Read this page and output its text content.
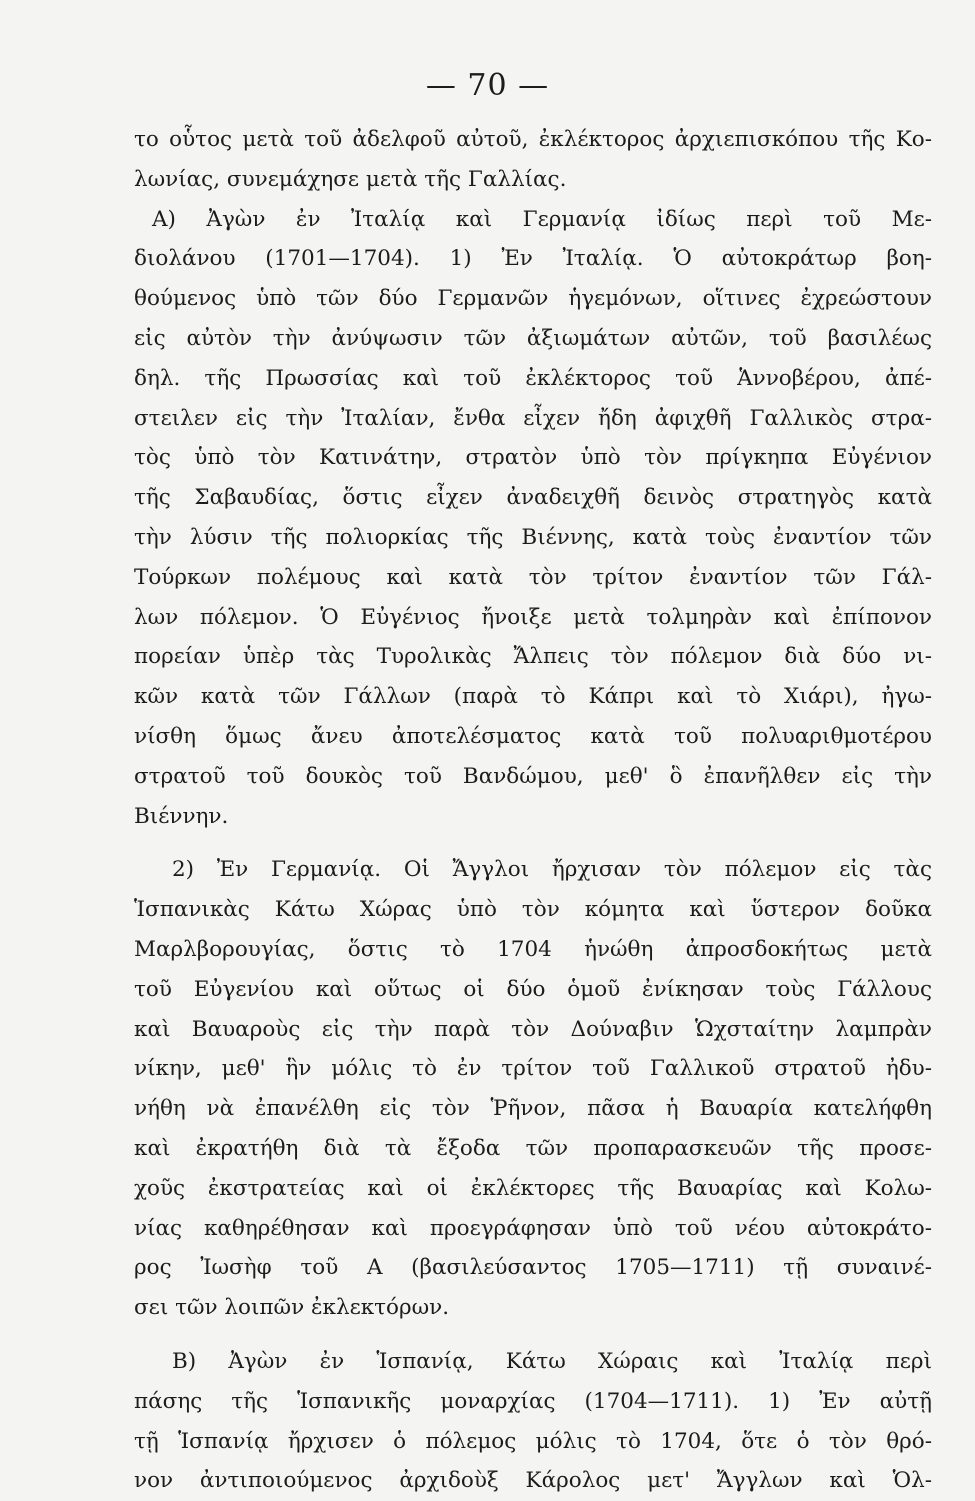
— 70 —
το οὗτος μετὰ τοῦ ἀδελφοῦ αὐτοῦ, ἐκλέκτορος ἀρχιεπισκόπου τῆς Κο-
λωνίας, συνεμάχησε μετὰ τῆς Γαλλίας.
Α) Ἀγὼν ἐν Ἰταλίᾳ καὶ Γερμανίᾳ ἰδίως περὶ τοῦ Με-
διολάνου (1701—1704). 1) Ἐν Ἰταλίᾳ. Ὁ αὐτοκράτωρ βοη-
θούμενος ὑπὸ τῶν δύο Γερμανῶν ἡγεμόνων, οἵτινες ἐχρεώστουν
εἰς αὐτὸν τὴν ἀνύψωσιν τῶν ἀξιωμάτων αὐτῶν, τοῦ βασιλέως
δηλ. τῆς Πρωσσίας καὶ τοῦ ἐκλέκτορος τοῦ Ἁννοβέρου, ἀπέ-
στειλεν εἰς τὴν Ἰταλίαν, ἔνθα εἶχεν ἤδη ἀφιχθῆ Γαλλικὸς στρα-
τὸς ὑπὸ τὸν Κατινάτην, στρατὸν ὑπὸ τὸν πρίγκηπα Εὐγένιον
τῆς Σαβαυδίας, ὅστις εἶχεν ἀναδειχθῆ δεινὸς στρατηγὸς κατὰ
τὴν λύσιν τῆς πολιορκίας τῆς Βιέννης, κατὰ τοὺς ἐναντίον τῶν
Τούρκων πολέμους καὶ κατὰ τὸν τρίτον ἐναντίον τῶν Γάλ-
λων πόλεμον. Ὁ Εὐγένιος ἤνοιξε μετὰ τολμηρὰν καὶ ἐπίπονον
πορείαν ὑπὲρ τὰς Τυρολικὰς Ἄλπεις τὸν πόλεμον διὰ δύο νι-
κῶν κατὰ τῶν Γάλλων (παρὰ τὸ Κάπρι καὶ τὸ Χιάρι), ἠγω-
νίσθη ὅμως ἄνευ ἀποτελέσματος κατὰ τοῦ πολυαριθμοτέρου
στρατοῦ τοῦ δουκὸς τοῦ Βανδώμου, μεθ' ὃ ἐπανῆλθεν εἰς τὴν
Βιέννην.
2) Ἐν Γερμανίᾳ. Οἱ Ἄγγλοι ἤρχισαν τὸν πόλεμον εἰς τὰς
Ἱσπανικὰς Κάτω Χώρας ὑπὸ τὸν κόμητα καὶ ὕστερον δοῦκα
Μαρλβορουγίας, ὅστις τὸ 1704 ἡνώθη ἀπροσδοκήτως μετὰ
τοῦ Εὐγενίου καὶ οὕτως οἱ δύο ὁμοῦ ἐνίκησαν τοὺς Γάλλους
καὶ Βαυαροὺς εἰς τὴν παρὰ τὸν Δούναβιν Ὡχσταίτην λαμπρὰν
νίκην, μεθ' ἣν μόλις τὸ ἐν τρίτον τοῦ Γαλλικοῦ στρατοῦ ἠδυ-
νήθη νὰ ἐπανέλθη εἰς τὸν Ῥῆνον, πᾶσα ἡ Βαυαρία κατελήφθη
καὶ ἐκρατήθη διὰ τὰ ἔξοδα τῶν προπαρασκευῶν τῆς προσε-
χοῦς ἐκστρατείας καὶ οἱ ἐκλέκτορες τῆς Βαυαρίας καὶ Κολω-
νίας καθηρέθησαν καὶ προεγράφησαν ὑπὸ τοῦ νέου αὐτοκράτο-
ρος Ἰωσὴφ τοῦ Α (βασιλεύσαντος 1705—1711) τῇ συναινέ-
σει τῶν λοιπῶν ἐκλεκτόρων.
Β) Ἀγὼν ἐν Ἱσπανίᾳ, Κάτω Χώραις καὶ Ἰταλίᾳ περὶ
πάσης τῆς Ἱσπανικῆς μοναρχίας (1704—1711). 1) Ἐν αὐτῇ
τῇ Ἱσπανίᾳ ἤρχισεν ὁ πόλεμος μόλις τὸ 1704, ὅτε ὁ τὸν θρό-
νον ἀντιποιούμενος ἀρχιδοὺξ Κάρολος μετ' Ἄγγλων καὶ Ὁλ-
